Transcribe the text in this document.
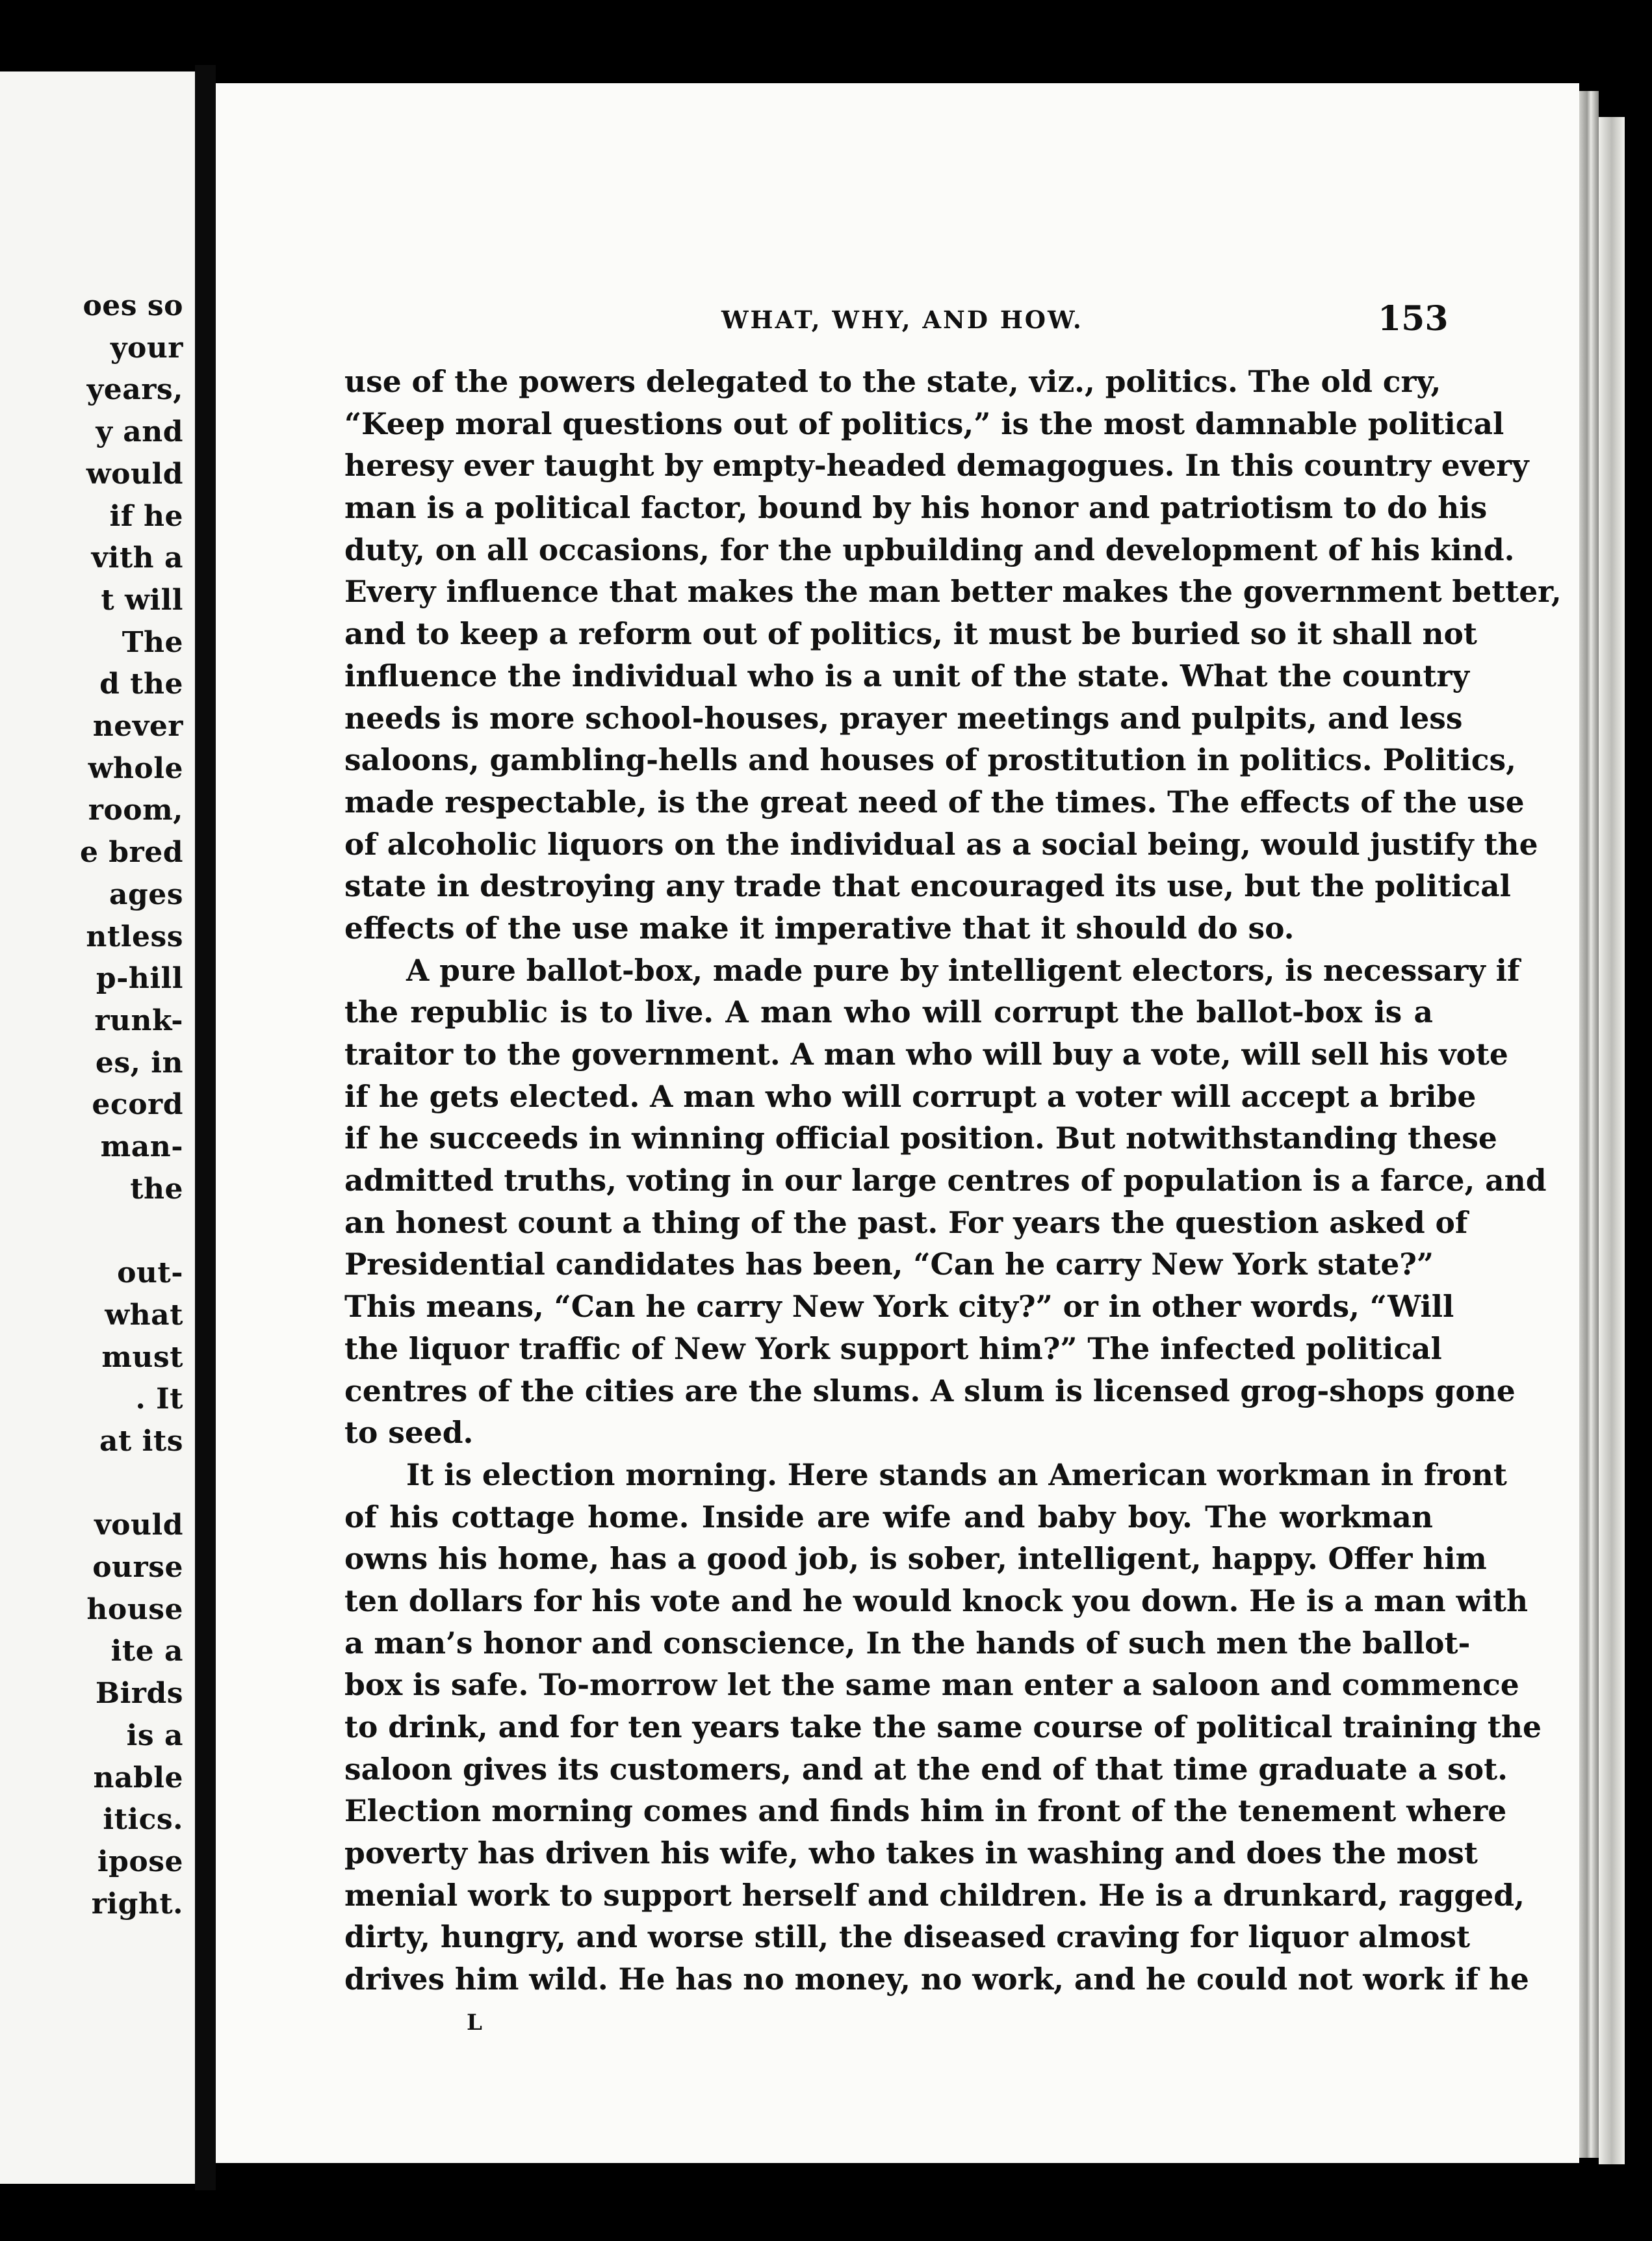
oes so
your
years,
y and
would
if he
vith a
t will
The
d the
never
whole
room,
e bred
ages
ntless
p-hill
runk-
es, in
ecord
man-
the
out-
what
must
. It
at its
vould
ourse
house
ite a
Birds
is a
nable
itics.
ipose
right.
WHAT, WHY, AND HOW.	153
use of the powers delegated to the state, viz., politics. The old cry,
“Keep moral questions out of politics,” is the most damnable political
heresy ever taught by empty-headed demagogues. In this country every
man is a political factor, bound by his honor and patriotism to do his
duty, on all occasions, for the upbuilding and development of his kind.
Every influence that makes the man better makes the government better,
and to keep a reform out of politics, it must be buried so it shall not
influence the individual who is a unit of the state. What the country
needs is more school-houses, prayer meetings and pulpits, and less
saloons, gambling-hells and houses of prostitution in politics. Politics,
made respectable, is the great need of the times. The effects of the use
of alcoholic liquors on the individual as a social being, would justify the
state in destroying any trade that encouraged its use, but the political
effects of the use make it imperative that it should do so.
A pure ballot-box, made pure by intelligent electors, is necessary if
the republic is to live. A man who will corrupt the ballot-box is a
traitor to the government. A man who will buy a vote, will sell his vote
if he gets elected. A man who will corrupt a voter will accept a bribe
if he succeeds in winning official position. But notwithstanding these
admitted truths, voting in our large centres of population is a farce, and
an honest count a thing of the past. For years the question asked of
Presidential candidates has been, “Can he carry New York state?”
This means, “Can he carry New York city?” or in other words, “Will
the liquor traffic of New York support him?” The infected political
centres of the cities are the slums. A slum is licensed grog-shops gone
to seed.
It is election morning. Here stands an American workman in front
of his cottage home. Inside are wife and baby boy. The workman
owns his home, has a good job, is sober, intelligent, happy. Offer him
ten dollars for his vote and he would knock you down. He is a man with
a man’s honor and conscience, In the hands of such men the ballot-
box is safe. To-morrow let the same man enter a saloon and commence
to drink, and for ten years take the same course of political training the
saloon gives its customers, and at the end of that time graduate a sot.
Election morning comes and finds him in front of the tenement where
poverty has driven his wife, who takes in washing and does the most
menial work to support herself and children. He is a drunkard, ragged,
dirty, hungry, and worse still, the diseased craving for liquor almost
drives him wild. He has no money, no work, and he could not work if he
L
